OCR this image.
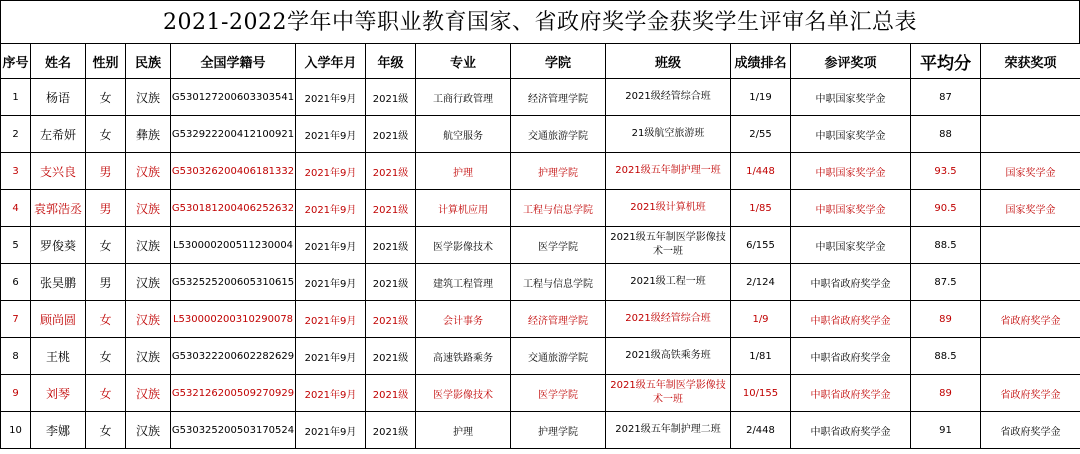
2021-2022学年中等职业教育国家、省政府奖学金获奖学生评审名单汇总表
序号	姓名	性别	民族	全国学籍号	入学年月	年级	专业	学院	班级	成绩排名	参评奖项	平均分	荣获奖项
1	杨语	女	汉族	G530127200603303541	2021年9月	2021级	工商行政管理	经济管理学院	2021级经管综合班	1/19	中职国家奖学金	87	
2	左希妍	女	彝族	G532922200412100921	2021年9月	2021级	航空服务	交通旅游学院	21级航空旅游班	2/55	中职国家奖学金	88	
3	支兴良	男	汉族	G530326200406181332	2021年9月	2021级	护理	护理学院	2021级五年制护理一班	1/448	中职国家奖学金	93.5	国家奖学金
4	袁郭浩丞	男	汉族	G530181200406252632	2021年9月	2021级	计算机应用	工程与信息学院	2021级计算机班	1/85	中职国家奖学金	90.5	国家奖学金
5	罗俊葵	女	汉族	L530000200511230004	2021年9月	2021级	医学影像技术	医学学院	2021级五年制医学影像技术一班	6/155	中职国家奖学金	88.5	
6	张昊鹏	男	汉族	G532525200605310615	2021年9月	2021级	建筑工程管理	工程与信息学院	2021级工程一班	2/124	中职省政府奖学金	87.5	
7	顾尚圆	女	汉族	L530000200310290078	2021年9月	2021级	会计事务	经济管理学院	2021级经管综合班	1/9	中职省政府奖学金	89	省政府奖学金
8	王桃	女	汉族	G530322200602282629	2021年9月	2021级	高速铁路乘务	交通旅游学院	2021级高铁乘务班	1/81	中职省政府奖学金	88.5	
9	刘琴	女	汉族	G532126200509270929	2021年9月	2021级	医学影像技术	医学学院	2021级五年制医学影像技术一班	10/155	中职省政府奖学金	89	省政府奖学金
10	李娜	女	汉族	G530325200503170524	2021年9月	2021级	护理	护理学院	2021级五年制护理二班	2/448	中职省政府奖学金	91	省政府奖学金
